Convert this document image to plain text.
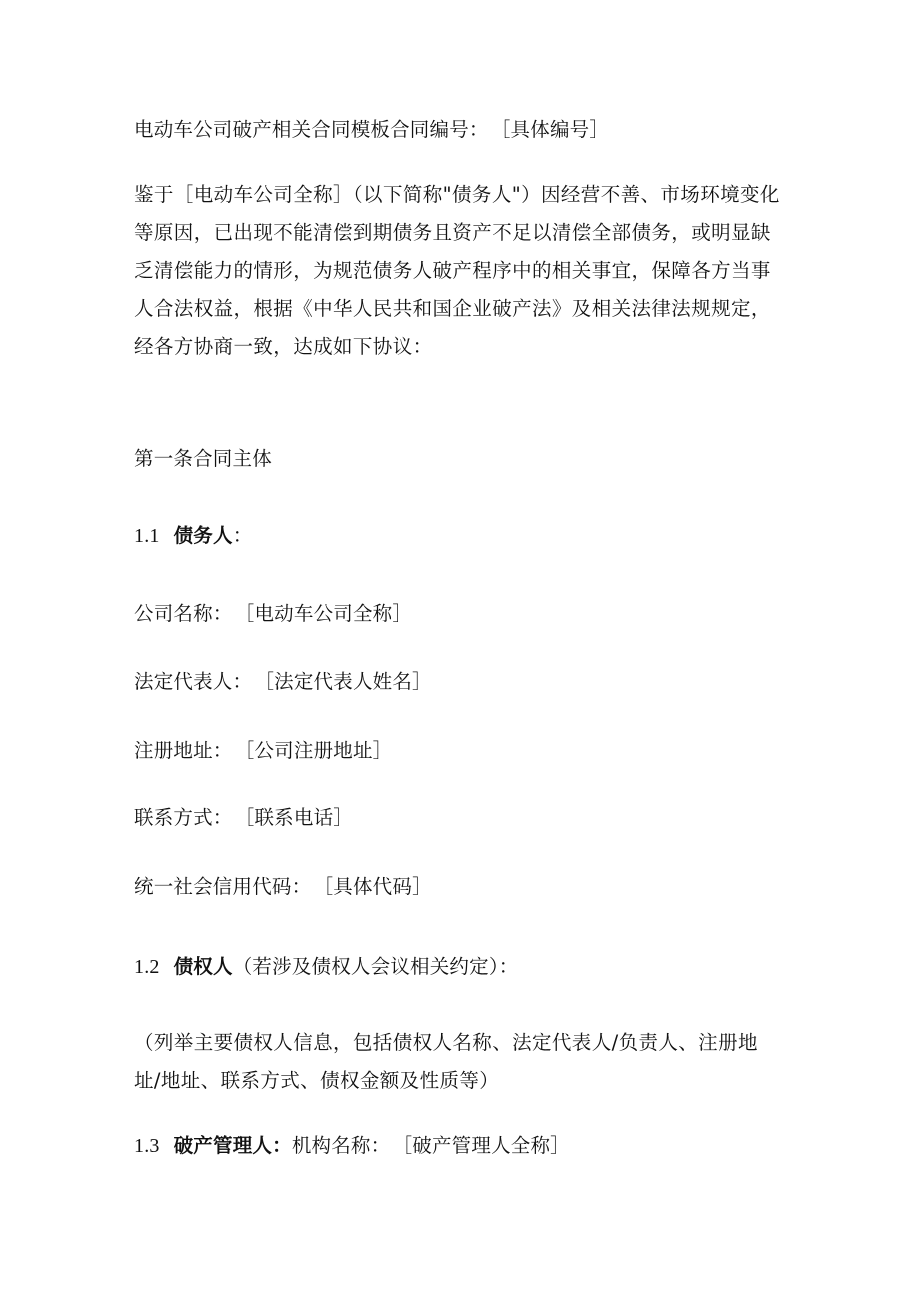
电动车公司破产相关合同模板合同编号： ［具体编号］
鉴于［电动车公司全称］（以下简称"债务人"）因经营不善、市场环境变化等原因，已出现不能清偿到期债务且资产不足以清偿全部债务，或明显缺乏清偿能力的情形，为规范债务人破产程序中的相关事宜，保障各方当事人合法权益，根据《中华人民共和国企业破产法》及相关法律法规规定，经各方协商一致，达成如下协议：
第一条合同主体
1.1 债务人：
公司名称： ［电动车公司全称］
法定代表人： ［法定代表人姓名］
注册地址： ［公司注册地址］
联系方式： ［联系电话］
统一社会信用代码： ［具体代码］
1.2 债权人（若涉及债权人会议相关约定）：
（列举主要债权人信息，包括债权人名称、法定代表人/负责人、注册地址/地址、联系方式、债权金额及性质等）
1.3 破产管理人：机构名称： ［破产管理人全称］
